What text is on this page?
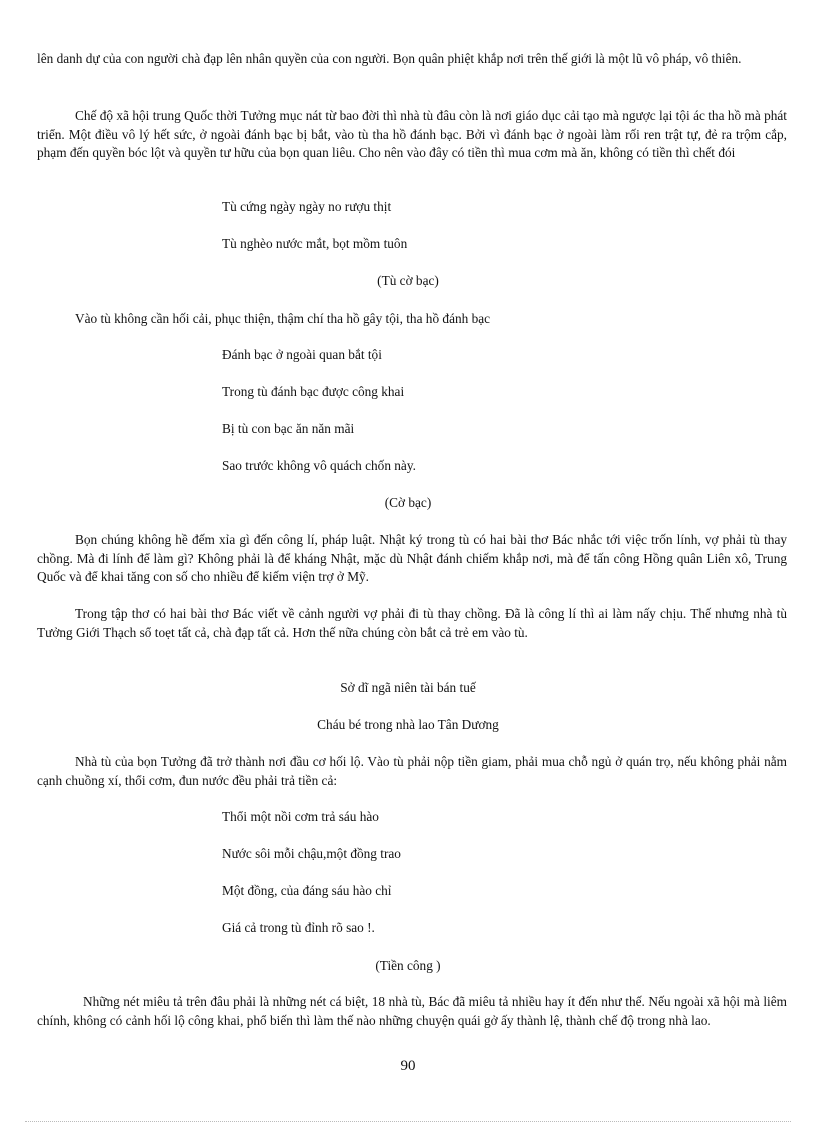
lên danh dự của con người chà đạp lên nhân quyền của con người. Bọn quân phiệt khắp nơi trên thế giới là một lũ vô pháp, vô thiên.

Chế độ xã hội trung Quốc thời Tưởng mục nát từ bao đời thì nhà tù đâu còn là nơi giáo dục cải tạo mà ngược lại tội ác tha hồ mà phát triển. Một điều vô lý hết sức, ở ngoài đánh bạc bị bắt, vào tù tha hồ đánh bạc. Bởi vì đánh bạc ở ngoài làm rối ren trật tự, đẻ ra trộm cắp, phạm đến quyền bóc lột và quyền tư hữu của bọn quan liêu. Cho nên vào đây có tiền thì mua cơm mà ăn, không có tiền thì chết đói

Tù cứng ngày ngày no rượu thịt
Tù nghèo nước mắt, bọt mồm tuôn
(Tù cờ bạc)

Vào tù không cần hối cải, phục thiện, thậm chí tha hồ gây tội, tha hồ đánh bạc

Đánh bạc ở ngoài quan bắt tội
Trong tù đánh bạc được công khai
Bị tù con bạc ăn năn mãi
Sao trước không vô quách chốn này.
(Cờ bạc)

Bọn chúng không hề đếm xỉa gì đến công lí, pháp luật. Nhật ký trong tù có hai bài thơ Bác nhắc tới việc trốn lính, vợ phải tù thay chồng. Mà đi lính để làm gì? Không phải là để kháng Nhật, mặc dù Nhật đánh chiếm khắp nơi, mà để tấn công Hồng quân Liên xô, Trung Quốc và để khai tăng con số cho nhiều để kiếm viện trợ ở Mỹ.

Trong tập thơ có hai bài thơ Bác viết về cảnh người vợ phải đi tù thay chồng. Đã là công lí thì ai làm nấy chịu. Thế nhưng nhà tù Tưởng Giới Thạch sổ toẹt tất cả, chà đạp tất cả. Hơn thế nữa chúng còn bắt cả trẻ em vào tù.

Sở dĩ ngã niên tài bán tuế
Cháu bé trong nhà lao Tân Dương

Nhà tù của bọn Tưởng đã trở thành nơi đầu cơ hối lộ. Vào tù phải nộp tiền giam, phải mua chỗ ngủ ở quán trọ, nếu không phải nằm cạnh chuồng xí, thổi cơm, đun nước đều phải trả tiền cả:

Thổi một nồi cơm trả sáu hào
Nước sôi mỗi chậu,một đồng trao
Một đồng, của đáng sáu hào chỉ
Giá cả trong tù đỉnh rõ sao !.
(Tiền công )

Những nét miêu tả trên đâu phải là những nét cá biệt, 18 nhà tù, Bác đã miêu tả nhiều hay ít đến như thế. Nếu ngoài xã hội mà liêm chính, không có cảnh hối lộ công khai, phổ biến thì làm thế nào những chuyện quái gở ấy thành lệ, thành chế độ trong nhà lao.

90
